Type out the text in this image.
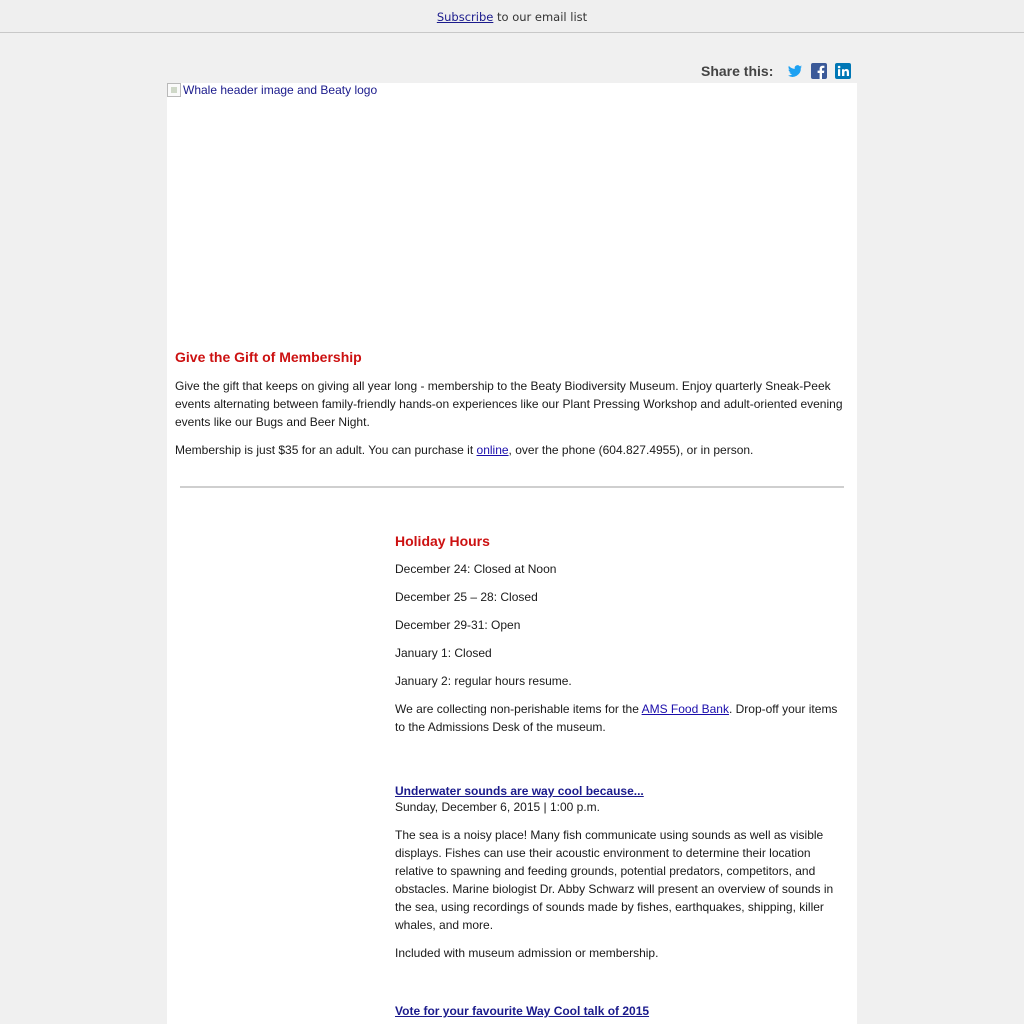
Subscribe to our email list
Share this:
Whale header image and Beaty logo
Give the Gift of Membership

Give the gift that keeps on giving all year long - membership to the Beaty Biodiversity Museum. Enjoy quarterly Sneak-Peek events alternating between family-friendly hands-on experiences like our Plant Pressing Workshop and adult-oriented evening events like our Bugs and Beer Night.

Membership is just $35 for an adult. You can purchase it online, over the phone (604.827.4955), or in person.

Holiday Hours

December 24: Closed at Noon

December 25 – 28: Closed

December 29-31: Open

January 1: Closed

January 2: regular hours resume.

We are collecting non-perishable items for the AMS Food Bank. Drop-off your items to the Admissions Desk of the museum.

Underwater sounds are way cool because...

Sunday, December 6, 2015 | 1:00 p.m.

The sea is a noisy place! Many fish communicate using sounds as well as visible displays. Fishes can use their acoustic environment to determine their location relative to spawning and feeding grounds, potential predators, competitors, and obstacles. Marine biologist Dr. Abby Schwarz will present an overview of sounds in the sea, using recordings of sounds made by fishes, earthquakes, shipping, killer whales, and more.

Included with museum admission or membership.

Vote for your favourite Way Cool talk of 2015
